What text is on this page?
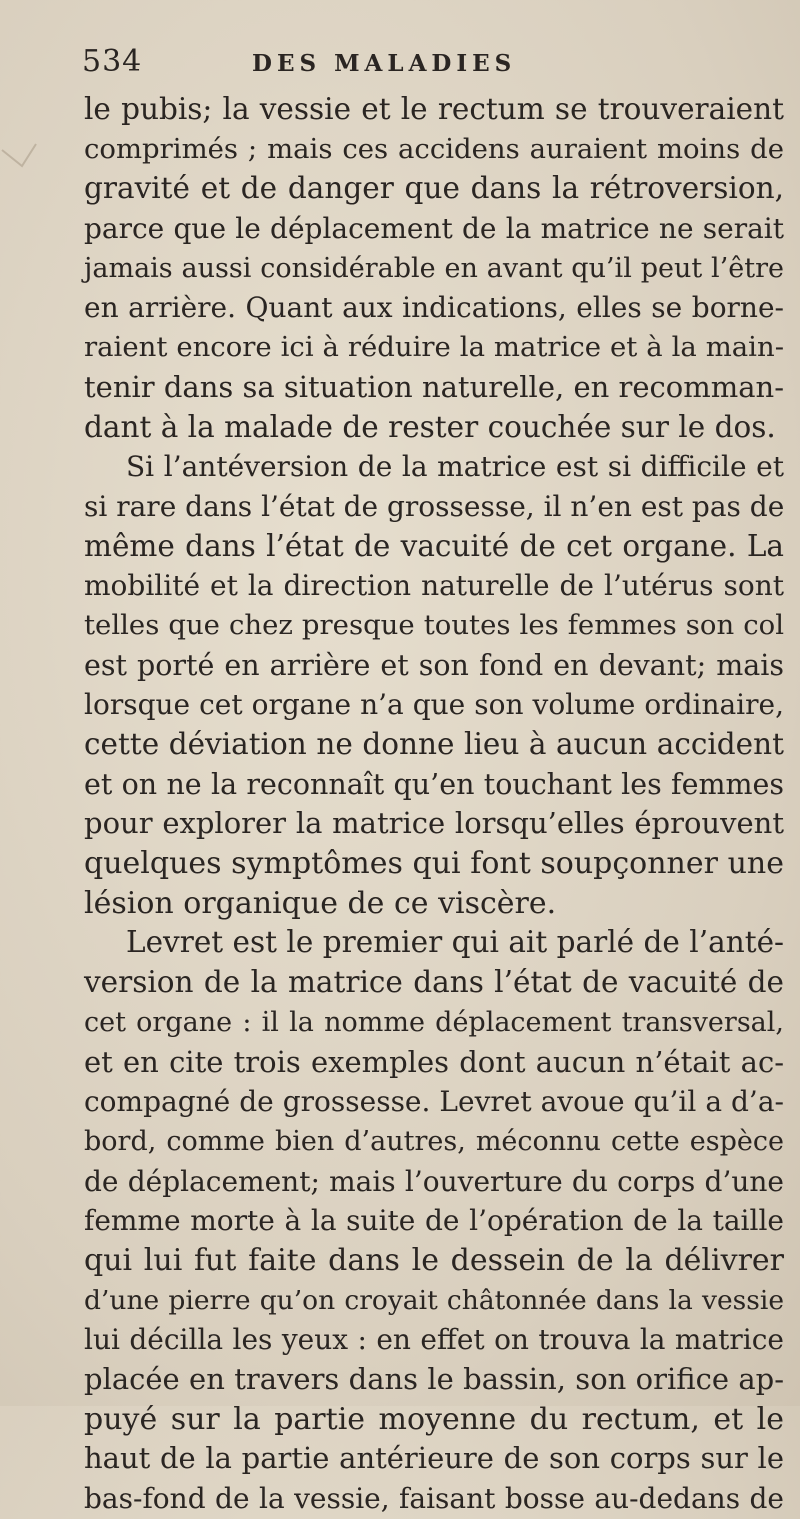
534	DES MALADIES
le pubis; la vessie et le rectum se trouveraient
comprimés ; mais ces accidens auraient moins de
gravité et de danger que dans la rétroversion,
parce que le déplacement de la matrice ne serait
jamais aussi considérable en avant qu’il peut l’être
en arrière. Quant aux indications, elles se borne-
raient encore ici à réduire la matrice et à la main-
tenir dans sa situation naturelle, en recomman-
dant à la malade de rester couchée sur le dos.
Si l’antéversion de la matrice est si difficile et
si rare dans l’état de grossesse, il n’en est pas de
même dans l’état de vacuité de cet organe. La
mobilité et la direction naturelle de l’utérus sont
telles que chez presque toutes les femmes son col
est porté en arrière et son fond en devant; mais
lorsque cet organe n’a que son volume ordinaire,
cette déviation ne donne lieu à aucun accident
et on ne la reconnaît qu’en touchant les femmes
pour explorer la matrice lorsqu’elles éprouvent
quelques symptômes qui font soupçonner une
lésion organique de ce viscère.
Levret est le premier qui ait parlé de l’anté-
version de la matrice dans l’état de vacuité de
cet organe : il la nomme déplacement transversal,
et en cite trois exemples dont aucun n’était ac-
compagné de grossesse. Levret avoue qu’il a d’a-
bord, comme bien d’autres, méconnu cette espèce
de déplacement; mais l’ouverture du corps d’une
femme morte à la suite de l’opération de la taille
qui lui fut faite dans le dessein de la délivrer
d’une pierre qu’on croyait châtonnée dans la vessie
lui décilla les yeux : en effet on trouva la matrice
placée en travers dans le bassin, son orifice ap-
puyé sur la partie moyenne du rectum, et le
haut de la partie antérieure de son corps sur le
bas-fond de la vessie, faisant bosse au-dedans de
